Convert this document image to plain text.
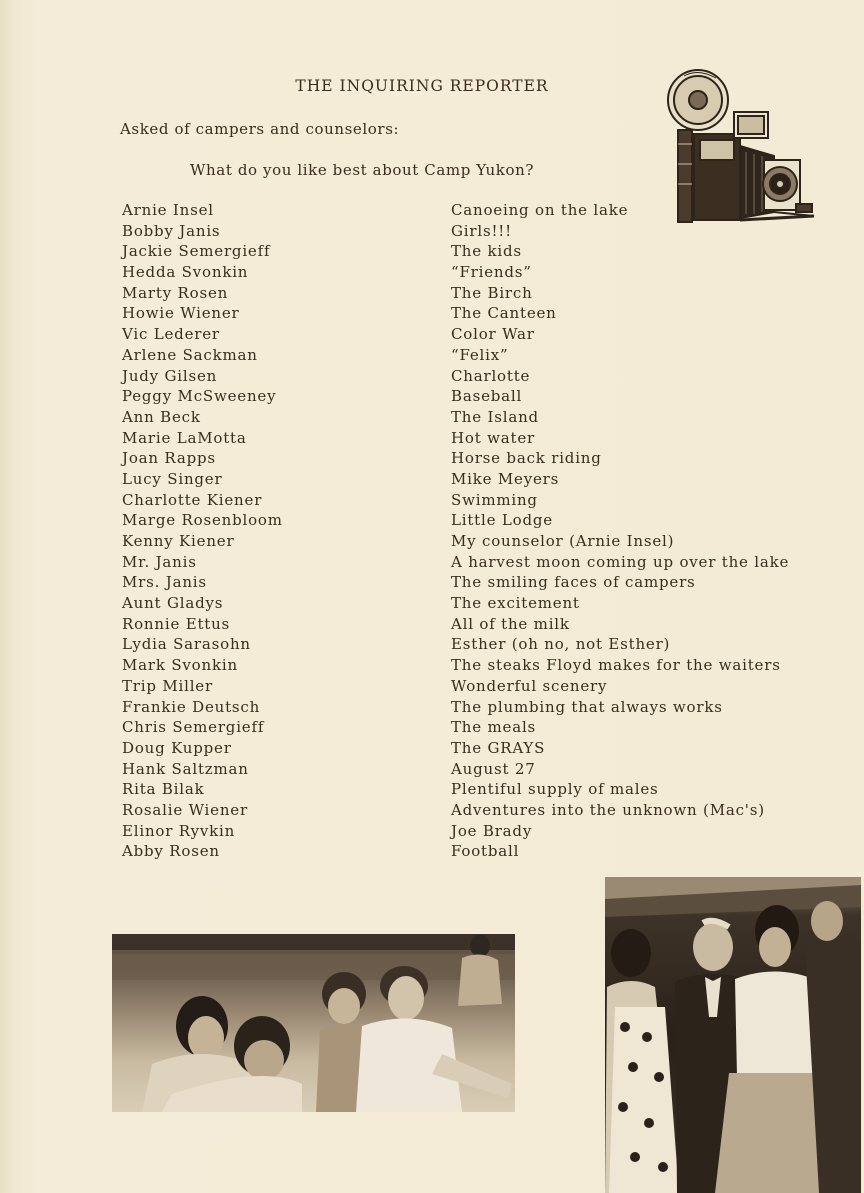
THE INQUIRING REPORTER
Asked of campers and counselors:
What do you like best about Camp Yukon?
Arnie Insel
Bobby Janis
Jackie Semergieff
Hedda Svonkin
Marty Rosen
Howie Wiener
Vic Lederer
Arlene Sackman
Judy Gilsen
Peggy McSweeney
Ann Beck
Marie LaMotta
Joan Rapps
Lucy Singer
Charlotte Kiener
Marge Rosenbloom
Kenny Kiener
Mr. Janis
Mrs. Janis
Aunt Gladys
Ronnie Ettus
Lydia Sarasohn
Mark Svonkin
Trip Miller
Frankie Deutsch
Chris Semergieff
Doug Kupper
Hank Saltzman
Rita Bilak
Rosalie Wiener
Elinor Ryvkin
Abby Rosen
Canoeing on the lake
Girls!!!
The kids
“Friends”
The Birch
The Canteen
Color War
“Felix”
Charlotte
Baseball
The Island
Hot water
Horse back riding
Mike Meyers
Swimming
Little Lodge
My counselor (Arnie Insel)
A harvest moon coming up over the lake
The smiling faces of campers
The excitement
All of the milk
Esther (oh no, not Esther)
The steaks Floyd makes for the waiters
Wonderful scenery
The plumbing that always works
The meals
The GRAYS
August 27
Plentiful supply of males
Adventures into the unknown (Mac's)
Joe Brady
Football
